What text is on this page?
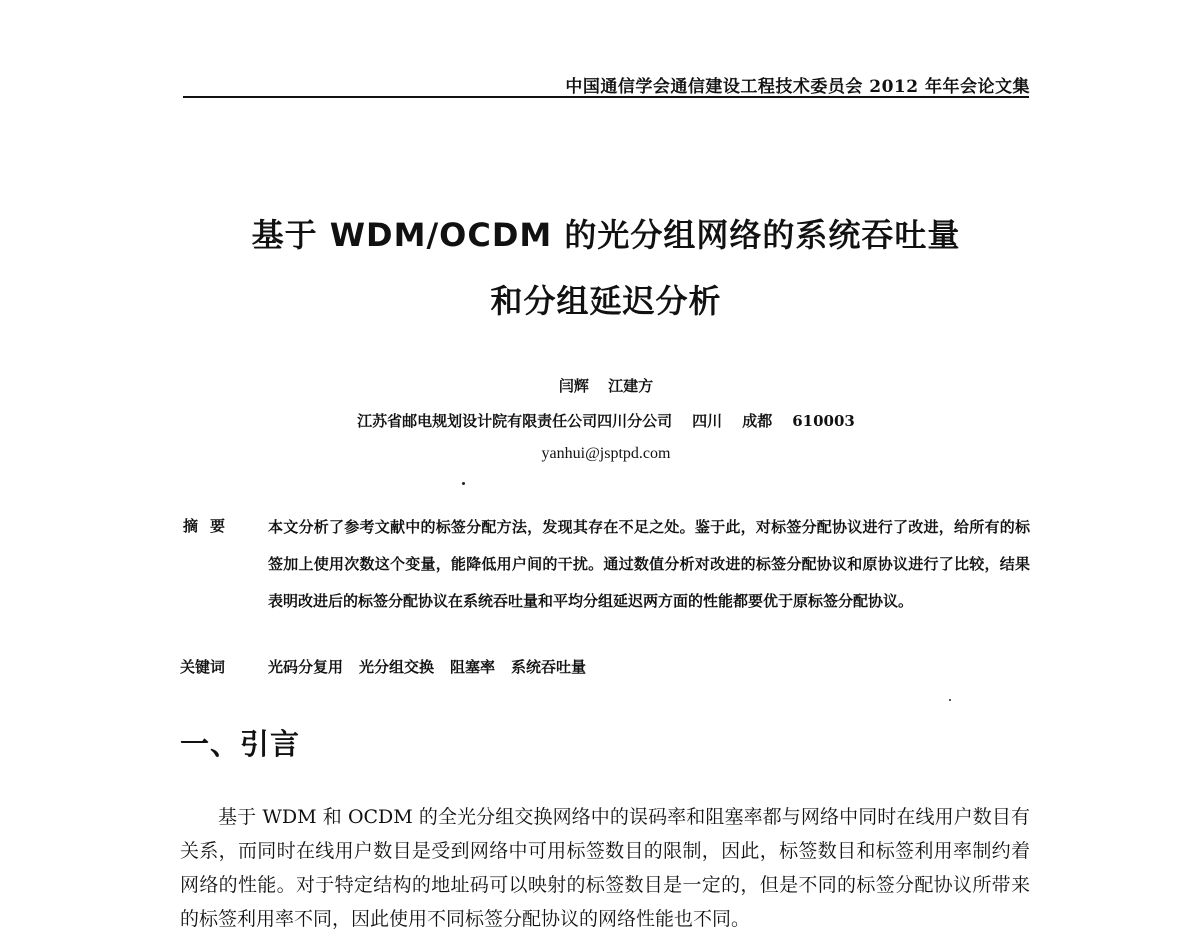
中国通信学会通信建设工程技术委员会 2012 年年会论文集
基于 WDM/OCDM 的光分组网络的系统吞吐量
和分组延迟分析
闫辉 江建方
江苏省邮电规划设计院有限责任公司四川分公司 四川 成都 610003
yanhui@jsptpd.com
摘要 本文分析了参考文献中的标签分配方法，发现其存在不足之处。鉴于此，对标签分配协议进行了改进，给所有的标签加上使用次数这个变量，能降低用户间的干扰。通过数值分析对改进的标签分配协议和原协议进行了比较，结果表明改进后的标签分配协议在系统吞吐量和平均分组延迟两方面的性能都要优于原标签分配协议。
关键词	光码分复用 光分组交换 阻塞率 系统吞吐量
一、引言
基于 WDM 和 OCDM 的全光分组交换网络中的误码率和阻塞率都与网络中同时在线用户数目有关系，而同时在线用户数目是受到网络中可用标签数目的限制，因此，标签数目和标签利用率制约着网络的性能。对于特定结构的地址码可以映射的标签数目是一定的，但是不同的标签分配协议所带来的标签利用率不同，因此使用不同标签分配协议的网络性能也不同。
